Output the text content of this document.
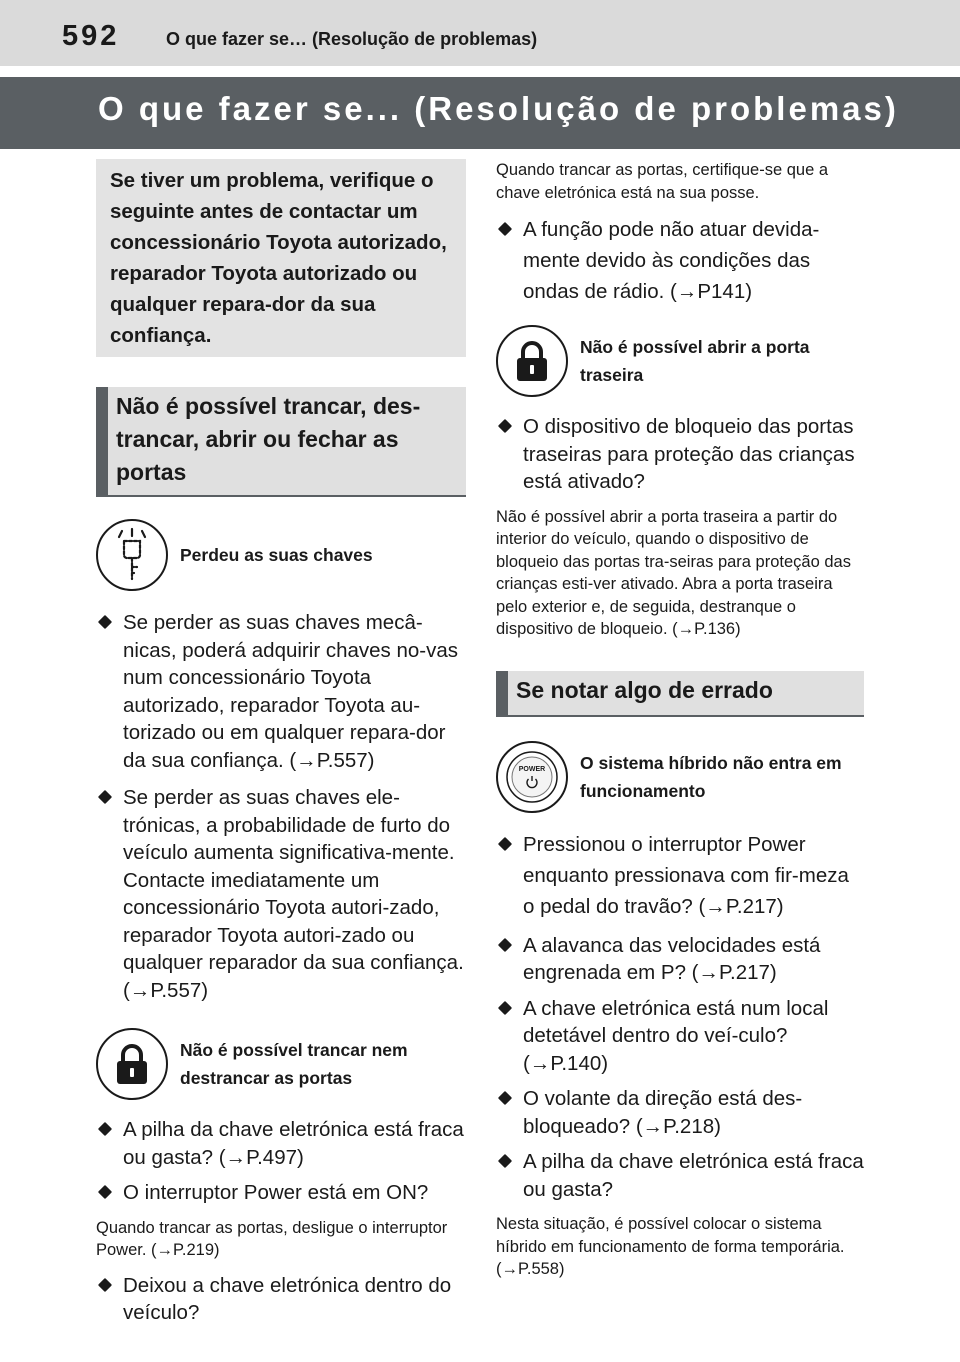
592	O que fazer se… (Resolução de problemas)
O que fazer se... (Resolução de problemas)
Se tiver um problema, verifique o seguinte antes de contactar um concessionário Toyota autorizado, reparador Toyota autorizado ou qualquer repara-dor da sua confiança.
Não é possível trancar, des-trancar, abrir ou fechar as portas
Perdeu as suas chaves
Se perder as suas chaves mecâ-nicas, poderá adquirir chaves no-vas num concessionário Toyota autorizado, reparador Toyota au-torizado ou em qualquer repara-dor da sua confiança. (→P.557)
Se perder as suas chaves ele-trónicas, a probabilidade de furto do veículo aumenta significativa-mente. Contacte imediatamente um concessionário Toyota autori-zado, reparador Toyota autori-zado ou qualquer reparador da sua confiança. (→P.557)
Não é possível trancar nem destrancar as portas
A pilha da chave eletrónica está fraca ou gasta? (→P.497)
O interruptor Power está em ON?
Quando trancar as portas, desligue o interruptor Power. (→P.219)
Deixou a chave eletrónica dentro do veículo?
Quando trancar as portas, certifique-se que a chave eletrónica está na sua posse.
A função pode não atuar devida-mente devido às condições das ondas de rádio. (→P141)
Não é possível abrir a porta traseira
O dispositivo de bloqueio das portas traseiras para proteção das crianças está ativado?
Não é possível abrir a porta traseira a partir do interior do veículo, quando o dispositivo de bloqueio das portas tra-seiras para proteção das crianças esti-ver ativado. Abra a porta traseira pelo exterior e, de seguida, destranque o dispositivo de bloqueio. (→P.136)
Se notar algo de errado
POWER O sistema híbrido não entra em funcionamento
Pressionou o interruptor Power enquanto pressionava com fir-meza o pedal do travão? (→P.217)
A alavanca das velocidades está engrenada em P? (→P.217)
A chave eletrónica está num local detetável dentro do veí-culo? (→P.140)
O volante da direção está des-bloqueado? (→P.218)
A pilha da chave eletrónica está fraca ou gasta?
Nesta situação, é possível colocar o sistema híbrido em funcionamento de forma temporária. (→P.558)
